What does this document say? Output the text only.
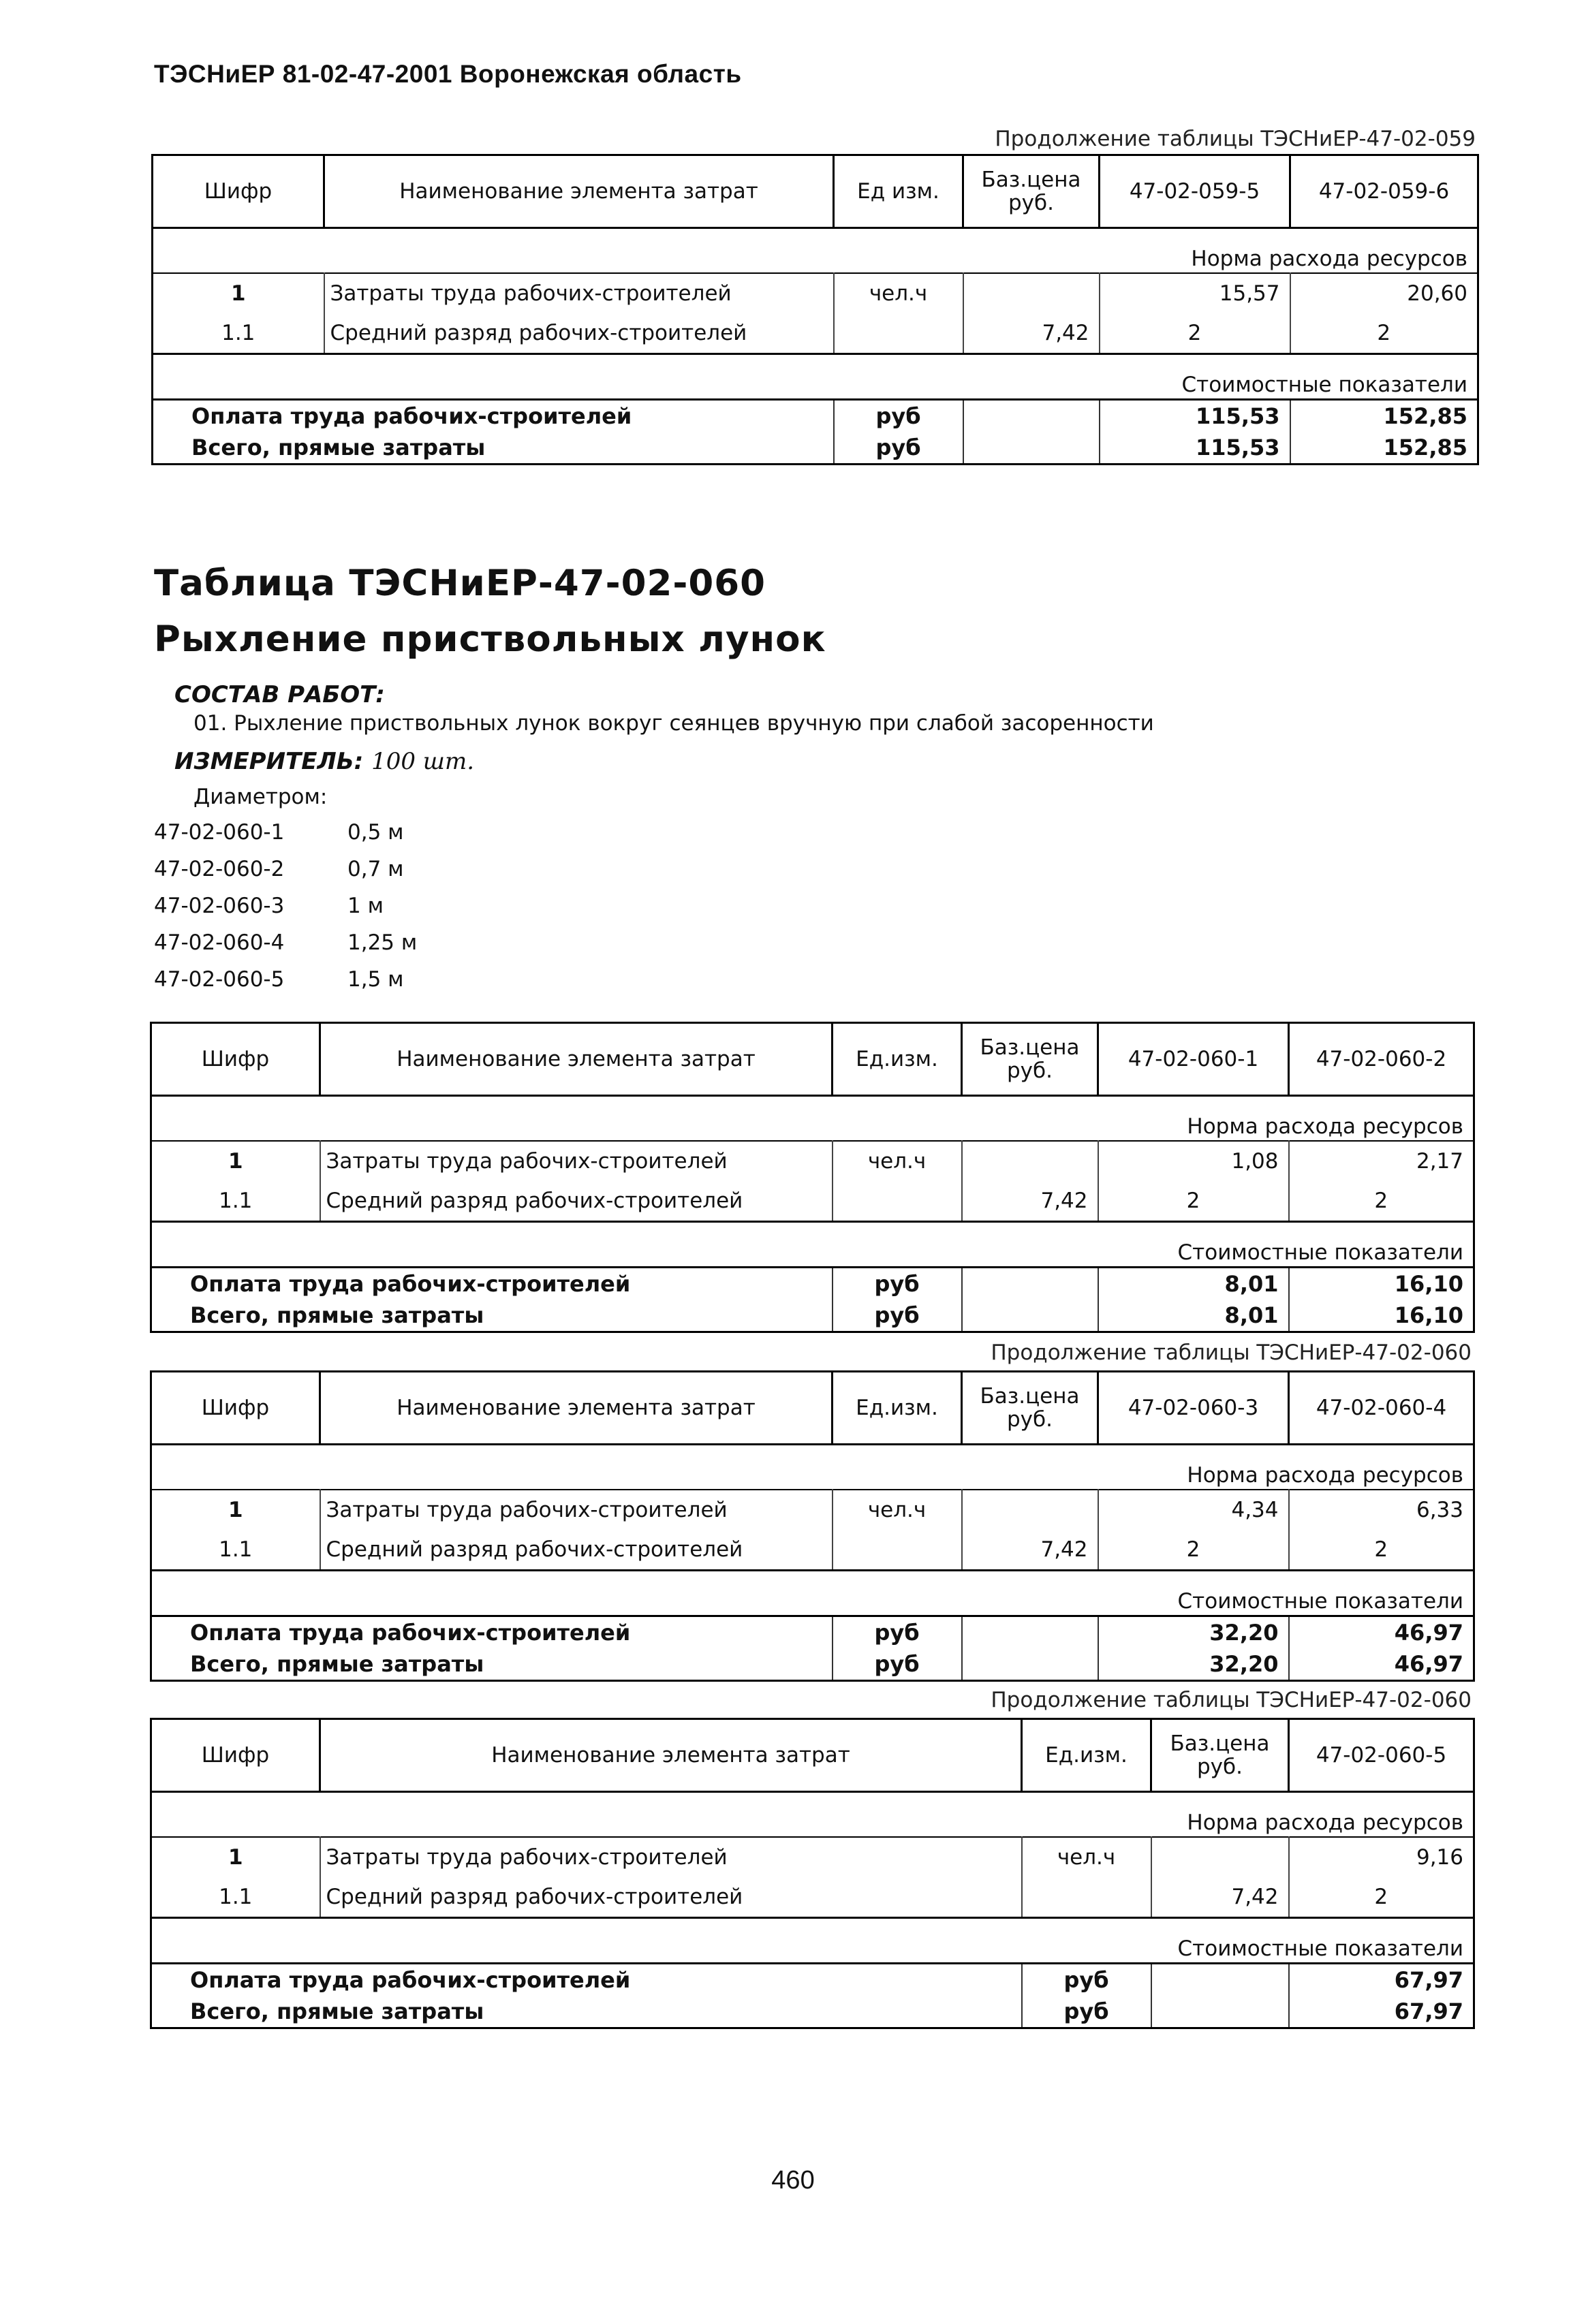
ТЭСНиЕР 81-02-47-2001 Воронежская область
Продолжение таблицы ТЭСНиЕР-47-02-059
Шифр	Наименование элемента затрат	Ед изм.	Баз.цена руб.	47-02-059-5	47-02-059-6
Норма расхода ресурсов					
1	Затраты труда рабочих-строителей	чел.ч		15,57	20,60
1.1	Средний разряд рабочих-строителей		7,42	2	2
Стоимостные показатели					
Оплата труда рабочих-строителей		руб		115,53	152,85
Всего, прямые затраты		руб		115,53	152,85
Таблица ТЭСНиЕР-47-02-060
Рыхление приствольных лунок
СОСТАВ РАБОТ:
01. Рыхление приствольных лунок вокруг сеянцев вручную при слабой засоренности
ИЗМЕРИТЕЛЬ: 100 шт.
Диаметром:
47-02-060-1	0,5 м
47-02-060-2	0,7 м
47-02-060-3	1 м
47-02-060-4	1,25 м
47-02-060-5	1,5 м
Шифр	Наименование элемента затрат	Ед.изм.	Баз.цена руб.	47-02-060-1	47-02-060-2
Норма расхода ресурсов					
1	Затраты труда рабочих-строителей	чел.ч		1,08	2,17
1.1	Средний разряд рабочих-строителей		7,42	2	2
Стоимостные показатели					
Оплата труда рабочих-строителей		руб		8,01	16,10
Всего, прямые затраты		руб		8,01	16,10
Продолжение таблицы ТЭСНиЕР-47-02-060
Шифр	Наименование элемента затрат	Ед.изм.	Баз.цена руб.	47-02-060-3	47-02-060-4
Норма расхода ресурсов					
1	Затраты труда рабочих-строителей	чел.ч		4,34	6,33
1.1	Средний разряд рабочих-строителей		7,42	2	2
Стоимостные показатели					
Оплата труда рабочих-строителей		руб		32,20	46,97
Всего, прямые затраты		руб		32,20	46,97
Продолжение таблицы ТЭСНиЕР-47-02-060
Шифр	Наименование элемента затрат	Ед.изм.	Баз.цена руб.	47-02-060-5
Норма расхода ресурсов				
1	Затраты труда рабочих-строителей	чел.ч		9,16
1.1	Средний разряд рабочих-строителей		7,42	2
Стоимостные показатели				
Оплата труда рабочих-строителей		руб		67,97
Всего, прямые затраты		руб		67,97
460
